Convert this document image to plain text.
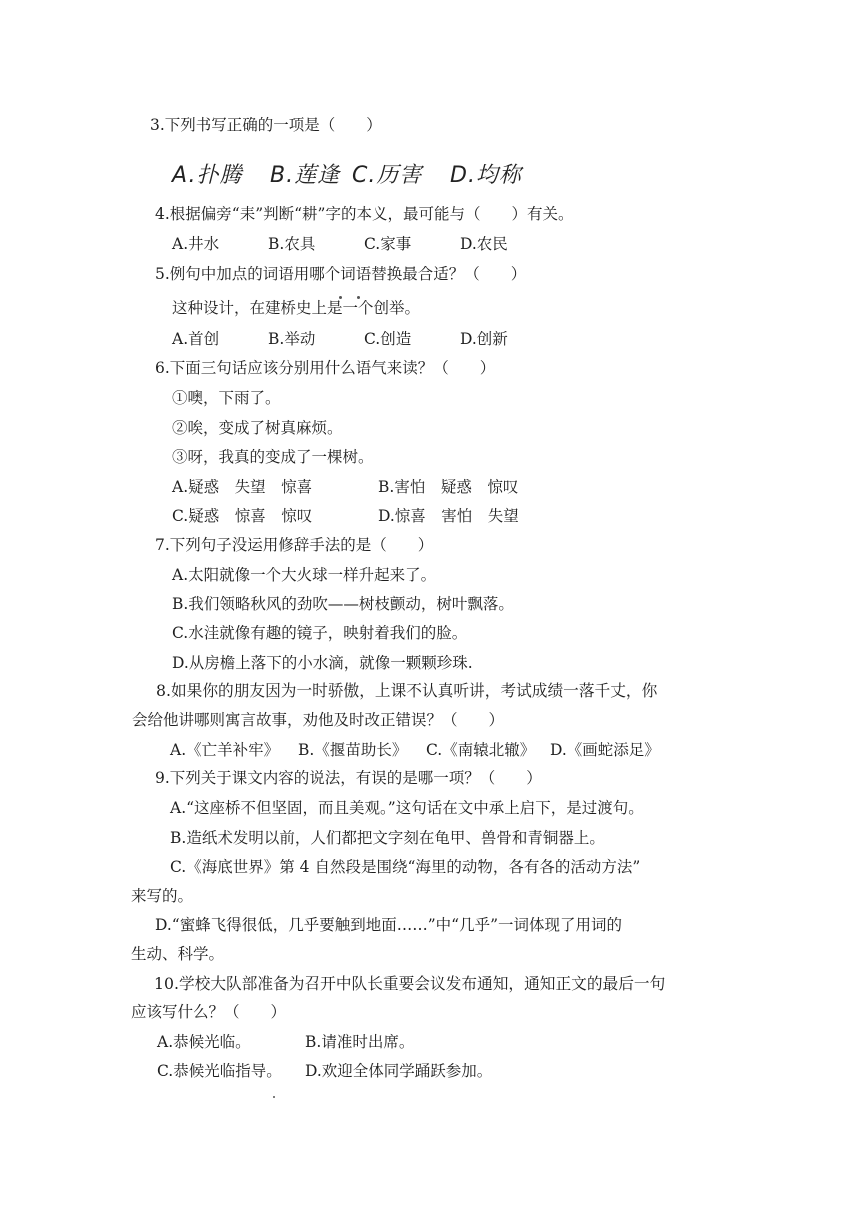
3.下列书写正确的一项是（　　）
A.扑腾 B.莲逢 C.历害 D.均称
4.根据偏旁“耒”判断“耕”字的本义，最可能与（　　）有关。
A.井水	B.农具	C.家事	D.农民
5.例句中加点的词语用哪个词语替换最合适？（　　）
这种设计，在建桥史上是一个创举。
A.首创	B.举动	C.创造	D.创新
6.下面三句话应该分别用什么语气来读？（　　）
①噢，下雨了。
②唉，变成了树真麻烦。
③呀，我真的变成了一棵树。
A.疑惑　失望　惊喜	B.害怕　疑惑　惊叹
C.疑惑　惊喜　惊叹	D.惊喜　害怕　失望
7.下列句子没运用修辞手法的是（　　）
A.太阳就像一个大火球一样升起来了。
B.我们领略秋风的劲吹——树枝颤动，树叶飘落。
C.水洼就像有趣的镜子，映射着我们的脸。
D.从房檐上落下的小水滴，就像一颗颗珍珠.
8.如果你的朋友因为一时骄傲，上课不认真听讲，考试成绩一落千丈，你
会给他讲哪则寓言故事，劝他及时改正错误？（　　）
A.《亡羊补牢》 B.《揠苗助长》 C.《南辕北辙》 D.《画蛇添足》
9.下列关于课文内容的说法，有误的是哪一项？（　　）
A.“这座桥不但坚固，而且美观。”这句话在文中承上启下，是过渡句。
B.造纸术发明以前，人们都把文字刻在龟甲、兽骨和青铜器上。
C.《海底世界》第 4 自然段是围绕“海里的动物，各有各的活动方法”
来写的。
D.“蜜蜂飞得很低，几乎要触到地面……”中“几乎”一词体现了用词的
生动、科学。
10.学校大队部准备为召开中队长重要会议发布通知，通知正文的最后一句
应该写什么？（　　）
A.恭候光临。	B.请准时出席。
C.恭候光临指导。 D.欢迎全体同学踊跃参加。
